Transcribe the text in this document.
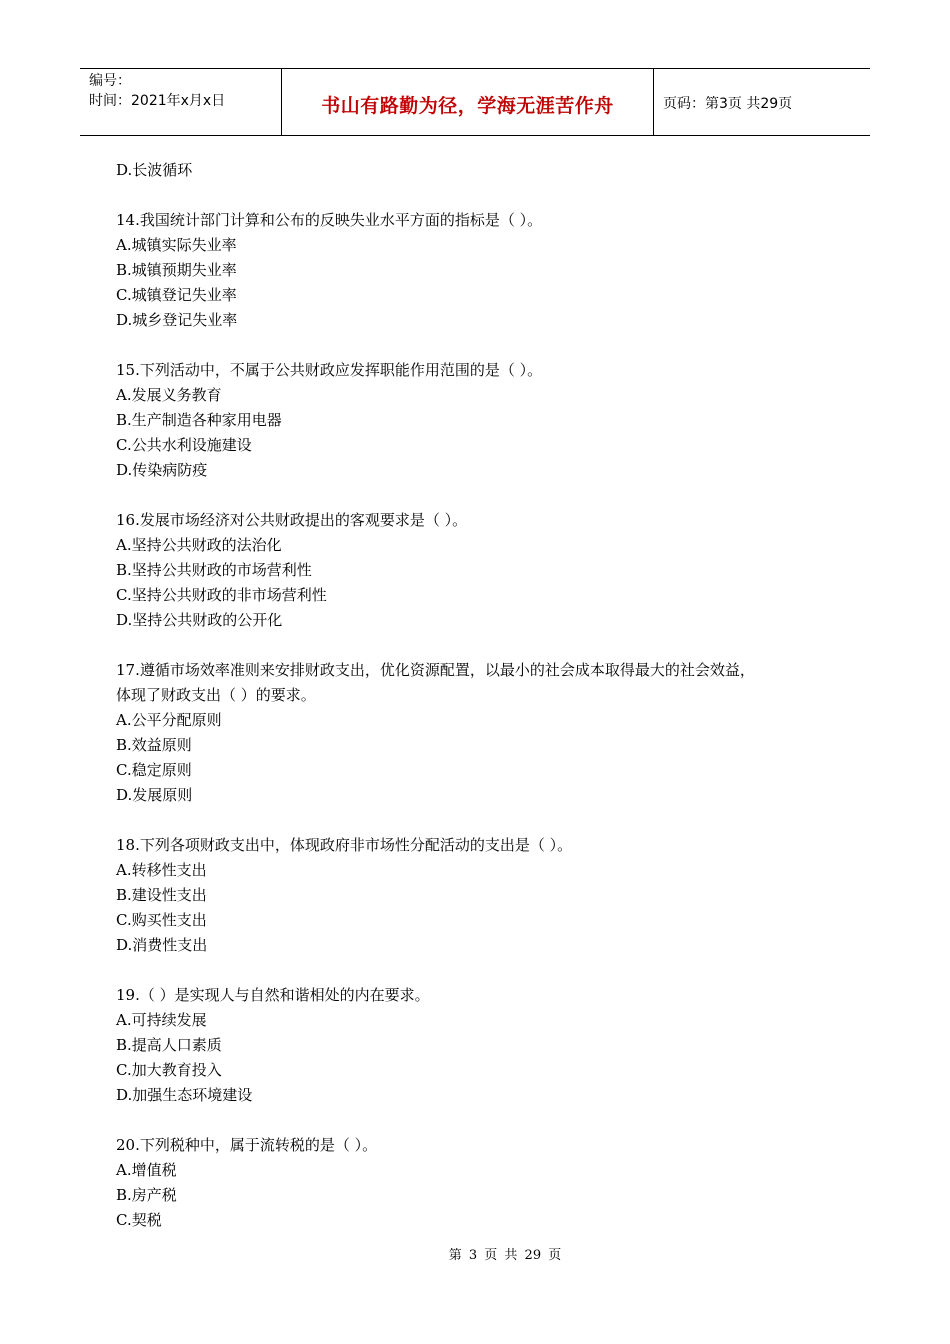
编号：
时间：2021年x月x日	书山有路勤为径，学海无涯苦作舟	页码：第3页 共29页
D.长波循环
14.我国统计部门计算和公布的反映失业水平方面的指标是（ ）。
A.城镇实际失业率
B.城镇预期失业率
C.城镇登记失业率
D.城乡登记失业率
15.下列活动中，不属于公共财政应发挥职能作用范围的是（ ）。
A.发展义务教育
B.生产制造各种家用电器
C.公共水利设施建设
D.传染病防疫
16.发展市场经济对公共财政提出的客观要求是（ ）。
A.坚持公共财政的法治化
B.坚持公共财政的市场营利性
C.坚持公共财政的非市场营利性
D.坚持公共财政的公开化
17.遵循市场效率准则来安排财政支出，优化资源配置，以最小的社会成本取得最大的社会效益，
体现了财政支出（ ）的要求。
A.公平分配原则
B.效益原则
C.稳定原则
D.发展原则
18.下列各项财政支出中，体现政府非市场性分配活动的支出是（ ）。
A.转移性支出
B.建设性支出
C.购买性支出
D.消费性支出
19.（ ）是实现人与自然和谐相处的内在要求。
A.可持续发展
B.提高人口素质
C.加大教育投入
D.加强生态环境建设
20.下列税种中，属于流转税的是（ ）。
A.增值税
B.房产税
C.契税
第 3 页 共 29 页
